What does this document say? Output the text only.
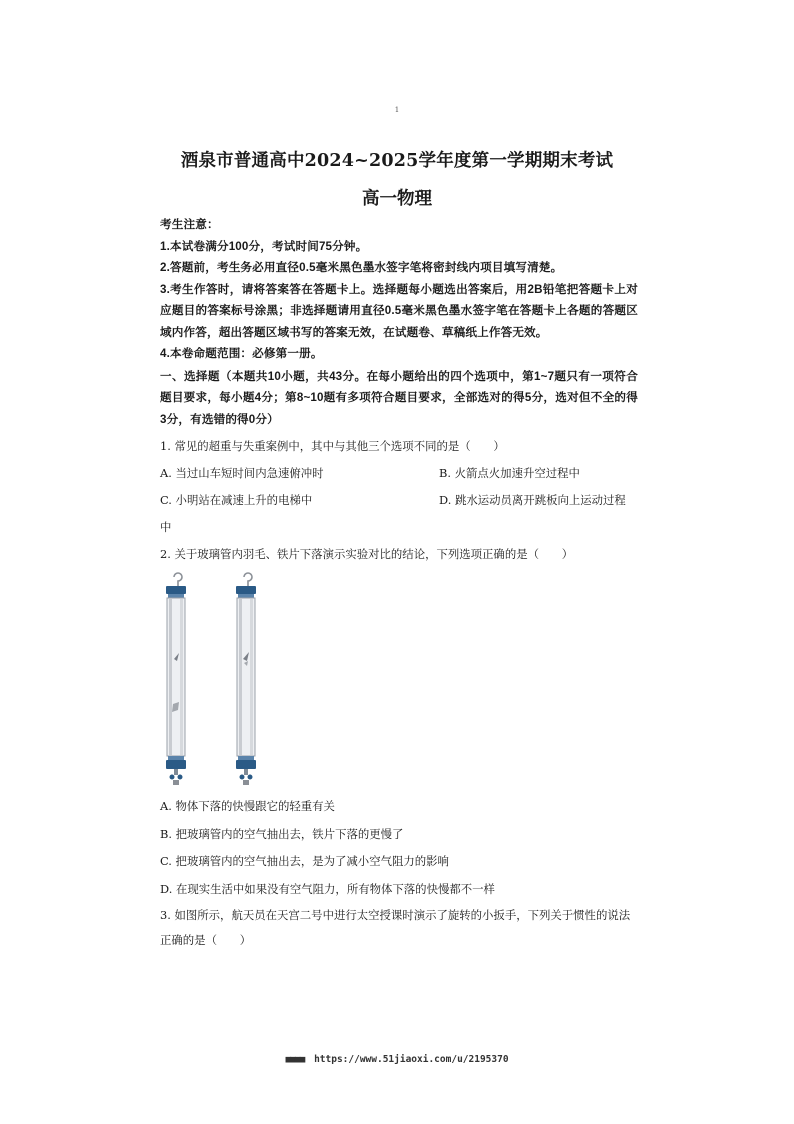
1
酒泉市普通高中2024~2025学年度第一学期期末考试
高一物理
考生注意：
1.本试卷满分100分，考试时间75分钟。
2.答题前，考生务必用直径0.5毫米黑色墨水签字笔将密封线内项目填写清楚。
3.考生作答时，请将答案答在答题卡上。选择题每小题选出答案后，用2B铅笔把答题卡上对应题目的答案标号涂黑；非选择题请用直径0.5毫米黑色墨水签字笔在答题卡上各题的答题区域内作答，超出答题区域书写的答案无效，在试题卷、草稿纸上作答无效。
4.本卷命题范围：必修第一册。
一、选择题（本题共10小题，共43分。在每小题给出的四个选项中，第1~7题只有一项符合题目要求，每小题4分；第8~10题有多项符合题目要求，全部选对的得5分，选对但不全的得3分，有选错的得0分）
1. 常见的超重与失重案例中，其中与其他三个选项不同的是（　　）
A. 当过山车短时间内急速俯冲时	B. 火箭点火加速升空过程中
C. 小明站在减速上升的电梯中	D. 跳水运动员离开跳板向上运动过程
中
2. 关于玻璃管内羽毛、铁片下落演示实验对比的结论，下列选项正确的是（　　）
A. 物体下落的快慢跟它的轻重有关
B. 把玻璃管内的空气抽出去，铁片下落的更慢了
C. 把玻璃管内的空气抽出去，是为了减小空气阻力的影响
D. 在现实生活中如果没有空气阻力，所有物体下落的快慢都不一样
3. 如图所示，航天员在天宫二号中进行太空授课时演示了旋转的小扳手，下列关于惯性的说法正确的是（　　）
■■■■ https://www.51jiaoxi.com/u/2195370
